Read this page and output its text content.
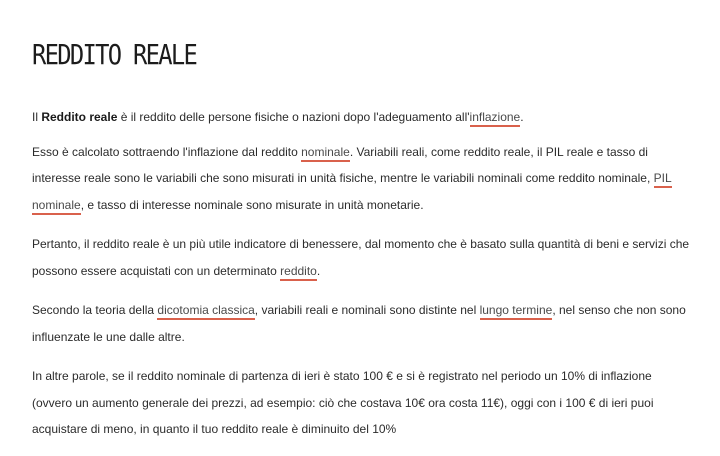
REDDITO REALE

Il Reddito reale è il reddito delle persone fisiche o nazioni dopo l'adeguamento all'inflazione.

Esso è calcolato sottraendo l'inflazione dal reddito nominale. Variabili reali, come reddito reale, il PIL reale e tasso di interesse reale sono le variabili che sono misurati in unità fisiche, mentre le variabili nominali come reddito nominale, PIL nominale, e tasso di interesse nominale sono misurate in unità monetarie.

Pertanto, il reddito reale è un più utile indicatore di benessere, dal momento che è basato sulla quantità di beni e servizi che possono essere acquistati con un determinato reddito.

Secondo la teoria della dicotomia classica, variabili reali e nominali sono distinte nel lungo termine, nel senso che non sono influenzate le une dalle altre.

In altre parole, se il reddito nominale di partenza di ieri è stato 100 € e si è registrato nel periodo un 10% di inflazione (ovvero un aumento generale dei prezzi, ad esempio: ciò che costava 10€ ora costa 11€), oggi con i 100 € di ieri puoi acquistare di meno, in quanto il tuo reddito reale è diminuito del 10%
